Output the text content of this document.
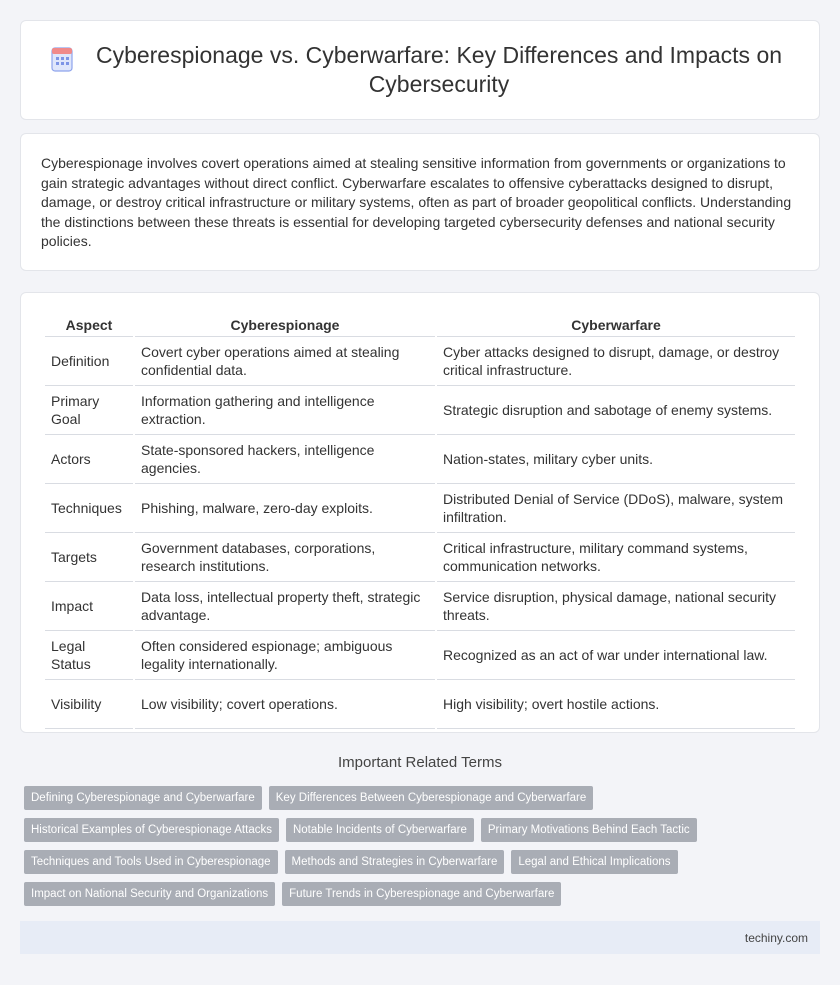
Cyberespionage vs. Cyberwarfare: Key Differences and Impacts on Cybersecurity

Cyberespionage involves covert operations aimed at stealing sensitive information from governments or organizations to gain strategic advantages without direct conflict. Cyberwarfare escalates to offensive cyberattacks designed to disrupt, damage, or destroy critical infrastructure or military systems, often as part of broader geopolitical conflicts. Understanding the distinctions between these threats is essential for developing targeted cybersecurity defenses and national security policies.

Aspect	Cyberespionage	Cyberwarfare
Definition	Covert cyber operations aimed at stealing confidential data.	Cyber attacks designed to disrupt, damage, or destroy critical infrastructure.
Primary Goal	Information gathering and intelligence extraction.	Strategic disruption and sabotage of enemy systems.
Actors	State-sponsored hackers, intelligence agencies.	Nation-states, military cyber units.
Techniques	Phishing, malware, zero-day exploits.	Distributed Denial of Service (DDoS), malware, system infiltration.
Targets	Government databases, corporations, research institutions.	Critical infrastructure, military command systems, communication networks.
Impact	Data loss, intellectual property theft, strategic advantage.	Service disruption, physical damage, national security threats.
Legal Status	Often considered espionage; ambiguous legality internationally.	Recognized as an act of war under international law.
Visibility	Low visibility; covert operations.	High visibility; overt hostile actions.
Important Related Terms
Defining Cyberespionage and Cyberwarfare	Key Differences Between Cyberespionage and Cyberwarfare
Historical Examples of Cyberespionage Attacks	Notable Incidents of Cyberwarfare	Primary Motivations Behind Each Tactic
Techniques and Tools Used in Cyberespionage	Methods and Strategies in Cyberwarfare	Legal and Ethical Implications
Impact on National Security and Organizations	Future Trends in Cyberespionage and Cyberwarfare
techiny.com
